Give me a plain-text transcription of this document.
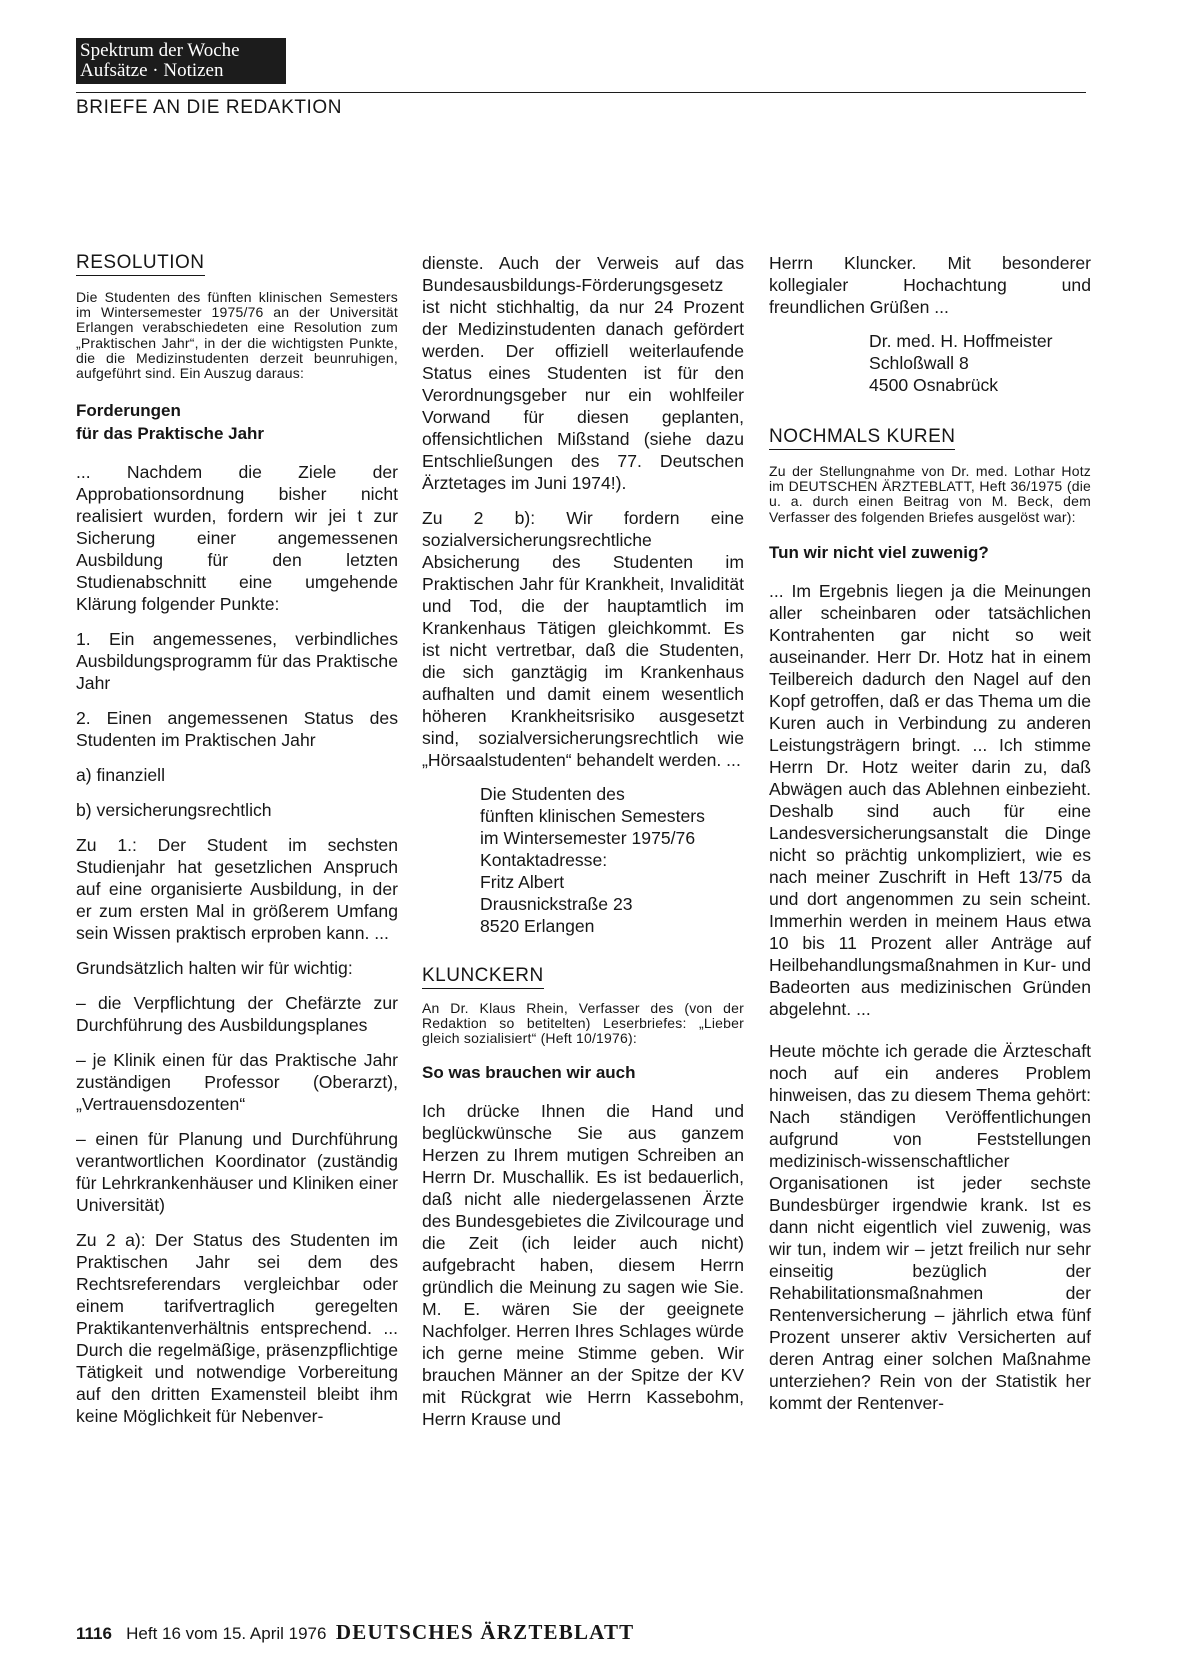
Spektrum der Woche
Aufsätze · Notizen
BRIEFE AN DIE REDAKTION
RESOLUTION

Die Studenten des fünften klinischen Semesters im Wintersemester 1975/76 an der Universität Erlangen verabschiedeten eine Resolution zum „Praktischen Jahr“, in der die wichtigsten Punkte, die die Medizinstudenten derzeit beunruhigen, aufgeführt sind. Ein Auszug daraus:

Forderungen

für das Praktische Jahr

... Nachdem die Ziele der Approbationsordnung bisher nicht realisiert wurden, fordern wir jei t zur Sicherung einer angemessenen Ausbildung für den letzten Studienabschnitt eine umgehende Klärung folgender Punkte:

1. Ein angemessenes, verbindliches Ausbildungsprogramm für das Praktische Jahr

2. Einen angemessenen Status des Studenten im Praktischen Jahr

a) finanziell

b) versicherungsrechtlich

Zu 1.: Der Student im sechsten Studienjahr hat gesetzlichen Anspruch auf eine organisierte Ausbildung, in der er zum ersten Mal in größerem Umfang sein Wissen praktisch erproben kann. ...

Grundsätzlich halten wir für wichtig:

– die Verpflichtung der Chefärzte zur Durchführung des Ausbildungsplanes

– je Klinik einen für das Praktische Jahr zuständigen Professor (Oberarzt), „Vertrauensdozenten“

– einen für Planung und Durchführung verantwortlichen Koordinator (zuständig für Lehrkrankenhäuser und Kliniken einer Universität)

Zu 2 a): Der Status des Studenten im Praktischen Jahr sei dem des Rechtsreferendars vergleichbar oder einem tarifvertraglich geregelten Praktikantenverhältnis entsprechend. ... Durch die regelmäßige, präsenzpflichtige Tätigkeit und notwendige Vorbereitung auf den dritten Examensteil bleibt ihm keine Möglichkeit für Nebenver-

dienste. Auch der Verweis auf das Bundesausbildungs-Förderungsgesetz ist nicht stichhaltig, da nur 24 Prozent der Medizinstudenten danach gefördert werden. Der offiziell weiterlaufende Status eines Studenten ist für den Verordnungsgeber nur ein wohlfeiler Vorwand für diesen geplanten, offensichtlichen Mißstand (siehe dazu Entschließungen des 77. Deutschen Ärztetages im Juni 1974!).

Zu 2 b): Wir fordern eine sozialversicherungsrechtliche Absicherung des Studenten im Praktischen Jahr für Krankheit, Invalidität und Tod, die der hauptamtlich im Krankenhaus Tätigen gleichkommt. Es ist nicht vertretbar, daß die Studenten, die sich ganztägig im Krankenhaus aufhalten und damit einem wesentlich höheren Krankheitsrisiko ausgesetzt sind, sozialversicherungsrechtlich wie „Hörsaalstudenten“ behandelt werden. ...

Die Studenten des
fünften klinischen Semesters
im Wintersemester 1975/76
Kontaktadresse:
Fritz Albert
Drausnickstraße 23
8520 Erlangen
KLUNCKERN

An Dr. Klaus Rhein, Verfasser des (von der Redaktion so betitelten) Leserbriefes: „Lieber gleich sozialisiert“ (Heft 10/1976):

So was brauchen wir auch

Ich drücke Ihnen die Hand und beglückwünsche Sie aus ganzem Herzen zu Ihrem mutigen Schreiben an Herrn Dr. Muschallik. Es ist bedauerlich, daß nicht alle niedergelassenen Ärzte des Bundesgebietes die Zivilcourage und die Zeit (ich leider auch nicht) aufgebracht haben, diesem Herrn gründlich die Meinung zu sagen wie Sie. M. E. wären Sie der geeignete Nachfolger. Herren Ihres Schlages würde ich gerne meine Stimme geben. Wir brauchen Männer an der Spitze der KV mit Rückgrat wie Herrn Kassebohm, Herrn Krause und

Herrn Kluncker. Mit besonderer kollegialer Hochachtung und freundlichen Grüßen ...

Dr. med. H. Hoffmeister
Schloßwall 8
4500 Osnabrück
NOCHMALS KUREN

Zu der Stellungnahme von Dr. med. Lothar Hotz im DEUTSCHEN ÄRZTEBLATT, Heft 36/1975 (die u. a. durch einen Beitrag von M. Beck, dem Verfasser des folgenden Briefes ausgelöst war):

Tun wir nicht viel zuwenig?

... Im Ergebnis liegen ja die Meinungen aller scheinbaren oder tatsächlichen Kontrahenten gar nicht so weit auseinander. Herr Dr. Hotz hat in einem Teilbereich dadurch den Nagel auf den Kopf getroffen, daß er das Thema um die Kuren auch in Verbindung zu anderen Leistungsträgern bringt. ... Ich stimme Herrn Dr. Hotz weiter darin zu, daß Abwägen auch das Ablehnen einbezieht. Deshalb sind auch für eine Landesversicherungsanstalt die Dinge nicht so prächtig unkompliziert, wie es nach meiner Zuschrift in Heft 13/75 da und dort angenommen zu sein scheint. Immerhin werden in meinem Haus etwa 10 bis 11 Prozent aller Anträge auf Heilbehandlungsmaßnahmen in Kur- und Badeorten aus medizinischen Gründen abgelehnt. ...

Heute möchte ich gerade die Ärzteschaft noch auf ein anderes Problem hinweisen, das zu diesem Thema gehört: Nach ständigen Veröffentlichungen aufgrund von Feststellungen medizinisch-wissenschaftlicher Organisationen ist jeder sechste Bundesbürger irgendwie krank. Ist es dann nicht eigentlich viel zuwenig, was wir tun, indem wir – jetzt freilich nur sehr einseitig bezüglich der Rehabilitationsmaßnahmen der Rentenversicherung – jährlich etwa fünf Prozent unserer aktiv Versicherten auf deren Antrag einer solchen Maßnahme unterziehen? Rein von der Statistik her kommt der Rentenver-

1116 Heft 16 vom 15. April 1976 DEUTSCHES ÄRZTEBLATT
